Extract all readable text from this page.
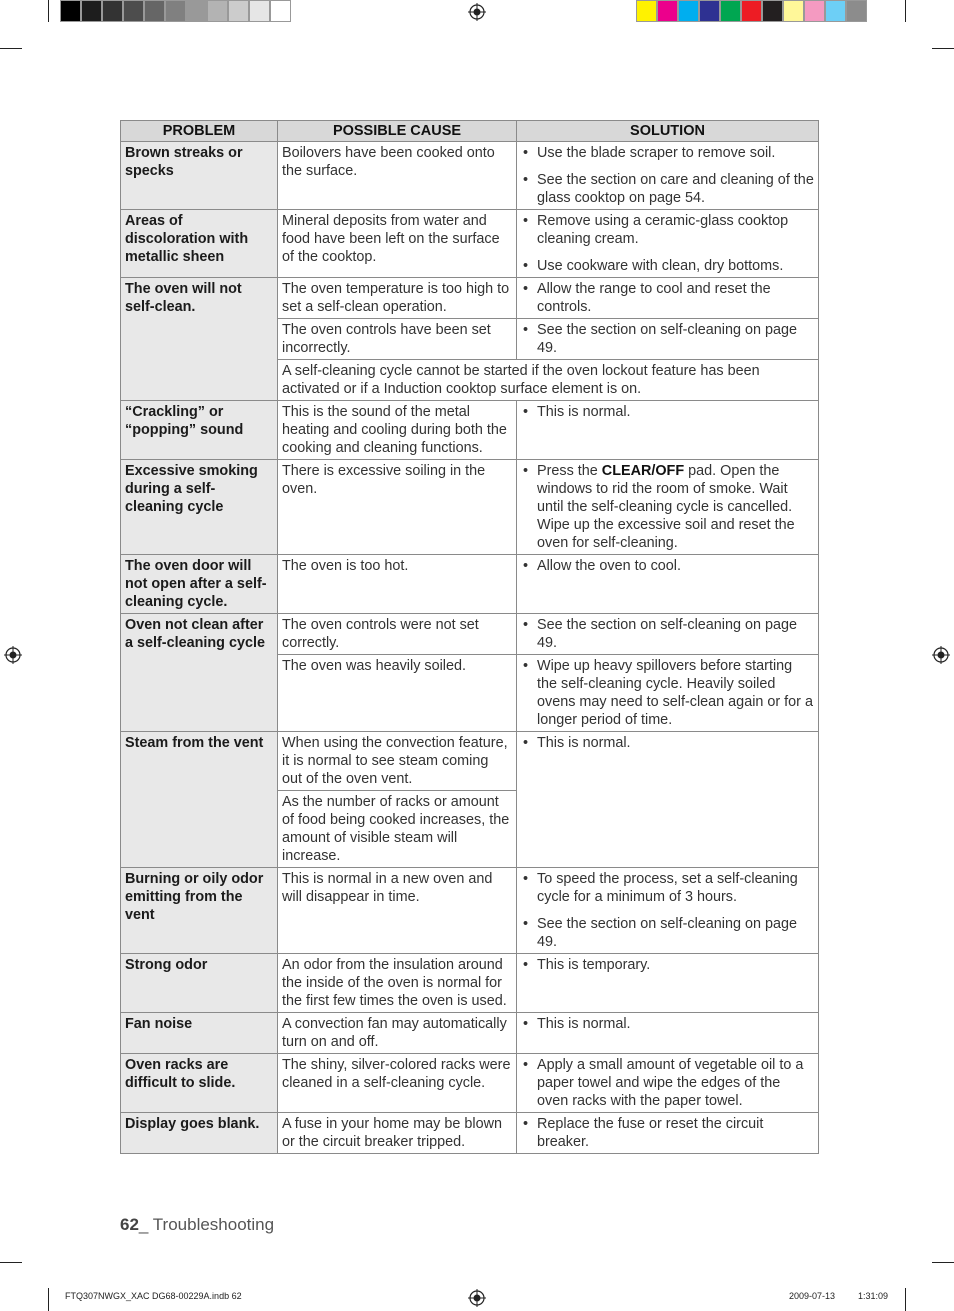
PROBLEM	POSSIBLE CAUSE	SOLUTION
Brown streaks or specks	Boilovers have been cooked onto the surface.	• Use the blade scraper to remove soil.
• See the section on care and cleaning of the glass cooktop on page 54.

Areas of discoloration with metallic sheen	Mineral deposits from water and food have been left on the surface of the cooktop.	• Remove using a ceramic-glass cooktop cleaning cream.
• Use cookware with clean, dry bottoms.

The oven will not self-clean.	The oven temperature is too high to set a self-clean operation.	• Allow the range to cool and reset the controls.

	The oven controls have been set incorrectly.	• See the section on self-cleaning on page 49.

	A self-cleaning cycle cannot be started if the oven lockout feature has been activated or if a Induction cooktop surface element is on.	
“Crackling” or “popping” sound	This is the sound of the metal heating and cooling during both the cooking and cleaning functions.	• This is normal.

Excessive smoking during a self-cleaning cycle	There is excessive soiling in the oven.	• Press the CLEAR/OFF pad. Open the windows to rid the room of smoke. Wait until the self-cleaning cycle is cancelled. Wipe up the excessive soil and reset the oven for self-cleaning.

The oven door will not open after a self-cleaning cycle.	The oven is too hot.	• Allow the oven to cool.

Oven not clean after a self-cleaning cycle	The oven controls were not set correctly.	• See the section on self-cleaning on page 49.

	The oven was heavily soiled.	• Wipe up heavy spillovers before starting the self-cleaning cycle. Heavily soiled ovens may need to self-clean again or for a longer period of time.

Steam from the vent	When using the convection feature, it is normal to see steam coming out of the oven vent.	• This is normal.

	As the number of racks or amount of food being cooked increases, the amount of visible steam will increase.	
Burning or oily odor emitting from the vent	This is normal in a new oven and will disappear in time.	• To speed the process, set a self-cleaning cycle for a minimum of 3 hours.
• See the section on self-cleaning on page 49.

Strong odor	An odor from the insulation around the inside of the oven is normal for the first few times the oven is used.	• This is temporary.

Fan noise	A convection fan may automatically turn on and off.	• This is normal.

Oven racks are difficult to slide.	The shiny, silver-colored racks were cleaned in a self-cleaning cycle.	• Apply a small amount of vegetable oil to a paper towel and wipe the edges of the oven racks with the paper towel.

Display goes blank.	A fuse in your home may be blown or the circuit breaker tripped.	• Replace the fuse or reset the circuit breaker.
62_ Troubleshooting
FTQ307NWGX_XAC DG68-00229A.indb 62	2009-07-13	1:31:09
